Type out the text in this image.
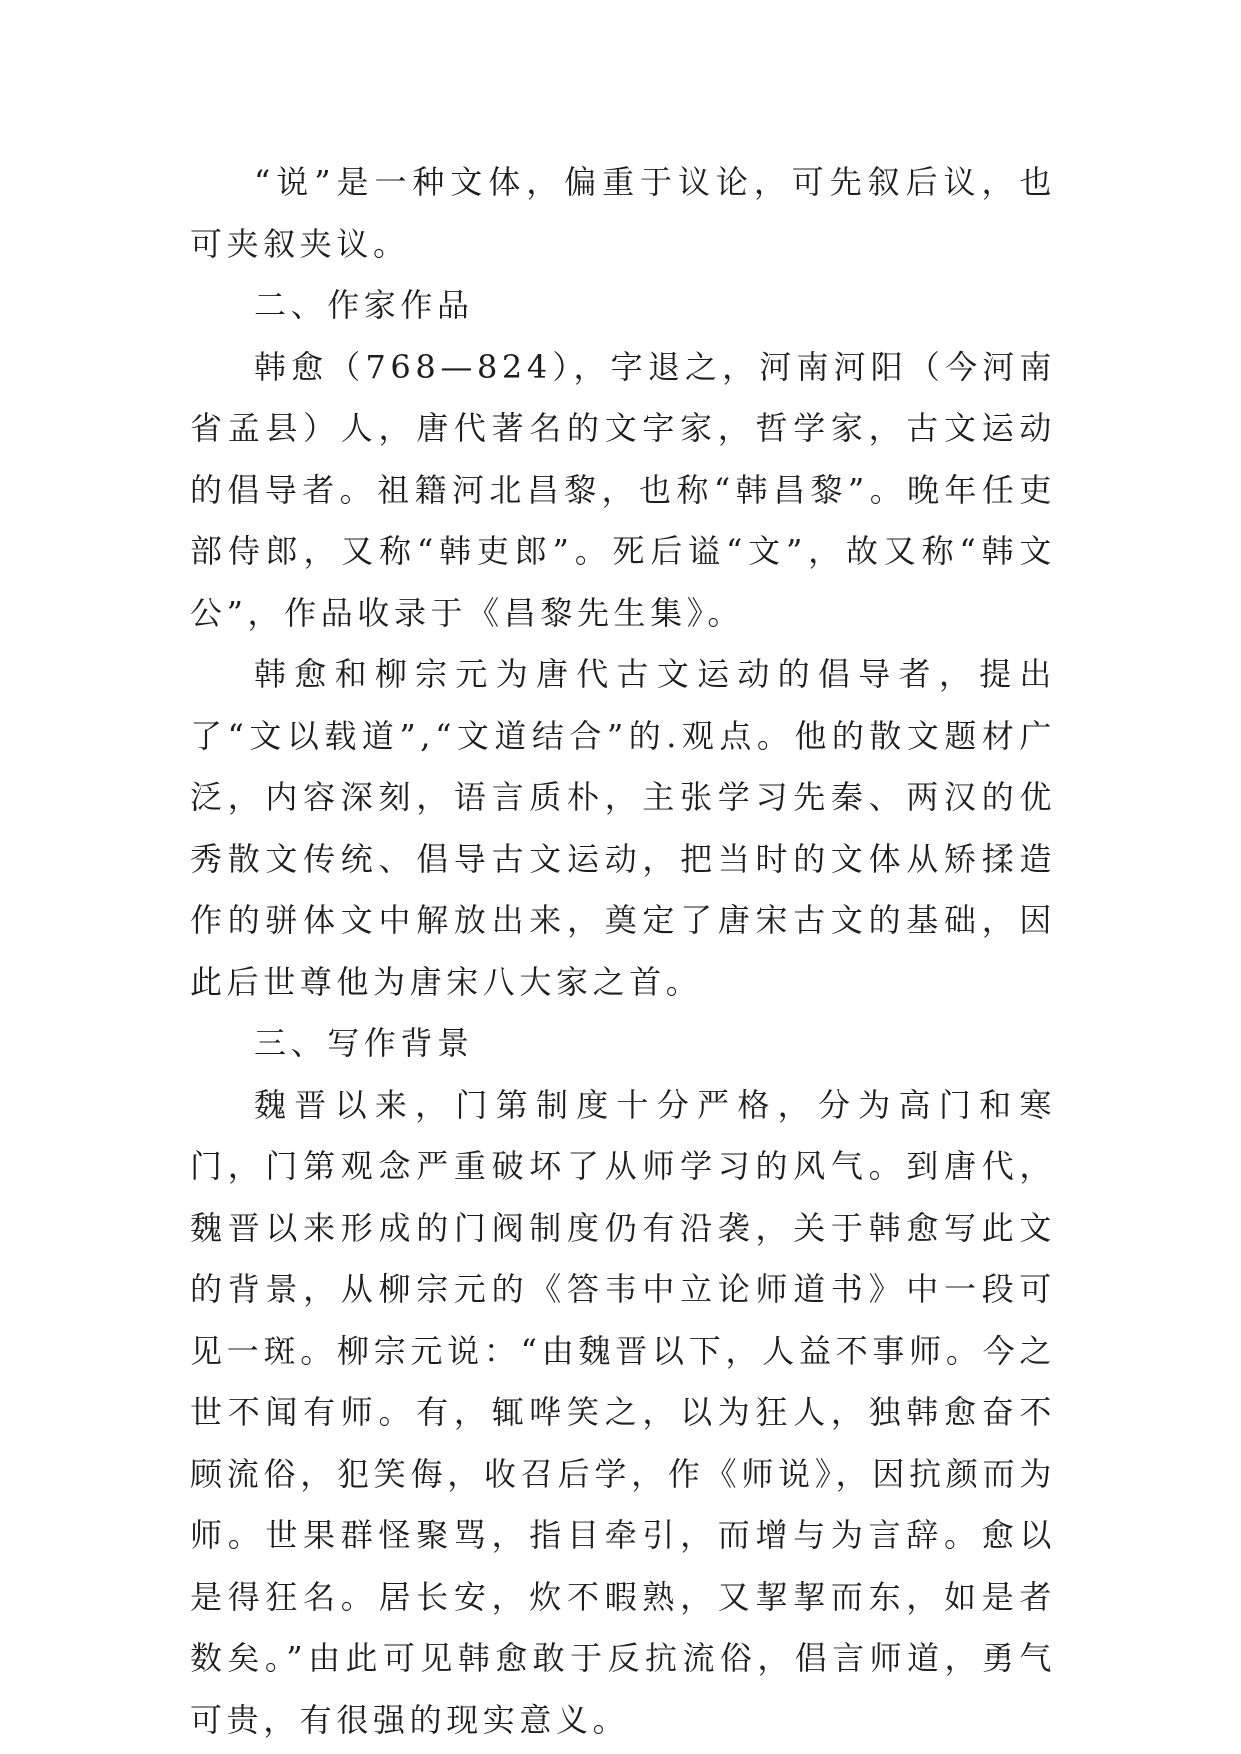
“说”是一种文体，偏重于议论，可先叙后议，也可夹叙夹议。

二、作家作品

韩愈（768—824），字退之，河南河阳（今河南省孟县）人，唐代著名的文字家，哲学家，古文运动的倡导者。祖籍河北昌黎，也称“韩昌黎”。晚年任吏部侍郎，又称“韩吏郎”。死后谥“文”，故又称“韩文公”，作品收录于《昌黎先生集》。

韩愈和柳宗元为唐代古文运动的倡导者，提出了“文以载道”,“文道结合”的.观点。他的散文题材广泛，内容深刻，语言质朴，主张学习先秦、两汉的优秀散文传统、倡导古文运动，把当时的文体从矫揉造作的骈体文中解放出来，奠定了唐宋古文的基础，因此后世尊他为唐宋八大家之首。

三、写作背景

魏晋以来，门第制度十分严格，分为高门和寒门，门第观念严重破坏了从师学习的风气。到唐代，魏晋以来形成的门阀制度仍有沿袭，关于韩愈写此文的背景，从柳宗元的《答韦中立论师道书》中一段可见一斑。柳宗元说：“由魏晋以下，人益不事师。今之世不闻有师。有，辄哗笑之，以为狂人，独韩愈奋不顾流俗，犯笑侮，收召后学，作《师说》，因抗颜而为师。世果群怪聚骂，指目牵引，而增与为言辞。愈以是得狂名。居长安，炊不暇熟，又挈挈而东，如是者数矣。”由此可见韩愈敢于反抗流俗，倡言师道，勇气可贵，有很强的现实意义。
